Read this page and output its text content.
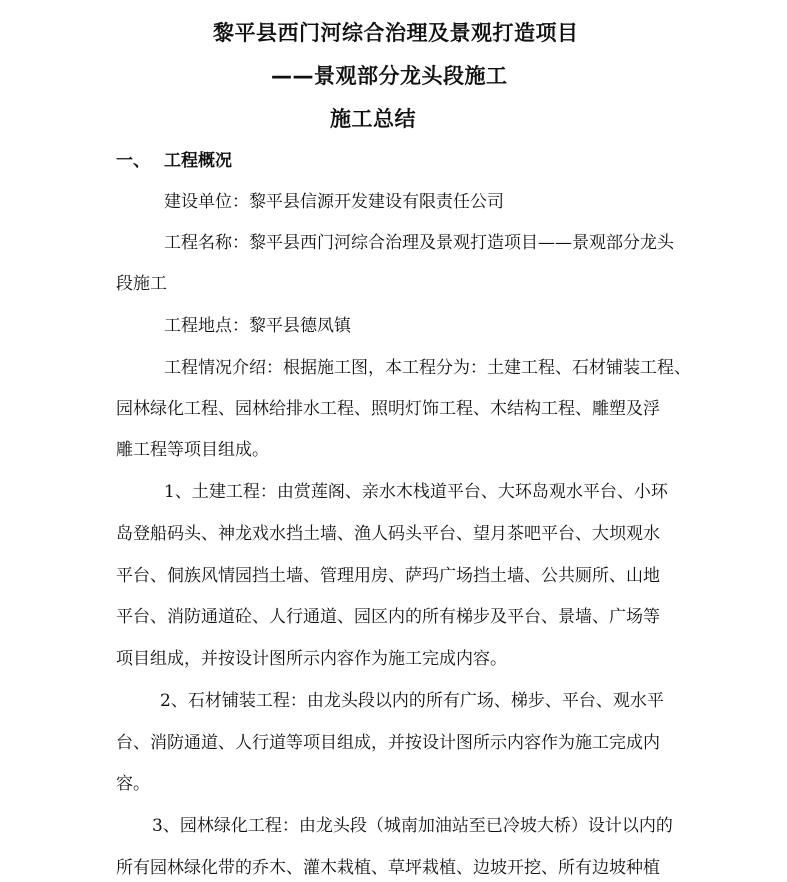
黎平县西门河综合治理及景观打造项目
——景观部分龙头段施工
施工总结
一、 工程概况
建设单位：黎平县信源开发建设有限责任公司
工程名称：黎平县西门河综合治理及景观打造项目——景观部分龙头
段施工
工程地点：黎平县德凤镇
工程情况介绍：根据施工图，本工程分为：土建工程、石材铺装工程、
园林绿化工程、园林给排水工程、照明灯饰工程、木结构工程、雕塑及浮
雕工程等项目组成。
1、土建工程：由赏莲阁、亲水木栈道平台、大环岛观水平台、小环
岛登船码头、神龙戏水挡土墙、渔人码头平台、望月茶吧平台、大坝观水
平台、侗族风情园挡土墙、管理用房、萨玛广场挡土墙、公共厕所、山地
平台、消防通道砼、人行通道、园区内的所有梯步及平台、景墙、广场等
项目组成，并按设计图所示内容作为施工完成内容。
2、石材铺装工程：由龙头段以内的所有广场、梯步、平台、观水平
台、消防通道、人行道等项目组成，并按设计图所示内容作为施工完成内
容。
3、园林绿化工程：由龙头段（城南加油站至已冷坡大桥）设计以内的
所有园林绿化带的乔木、灌木栽植、草坪栽植、边坡开挖、所有边坡种植
